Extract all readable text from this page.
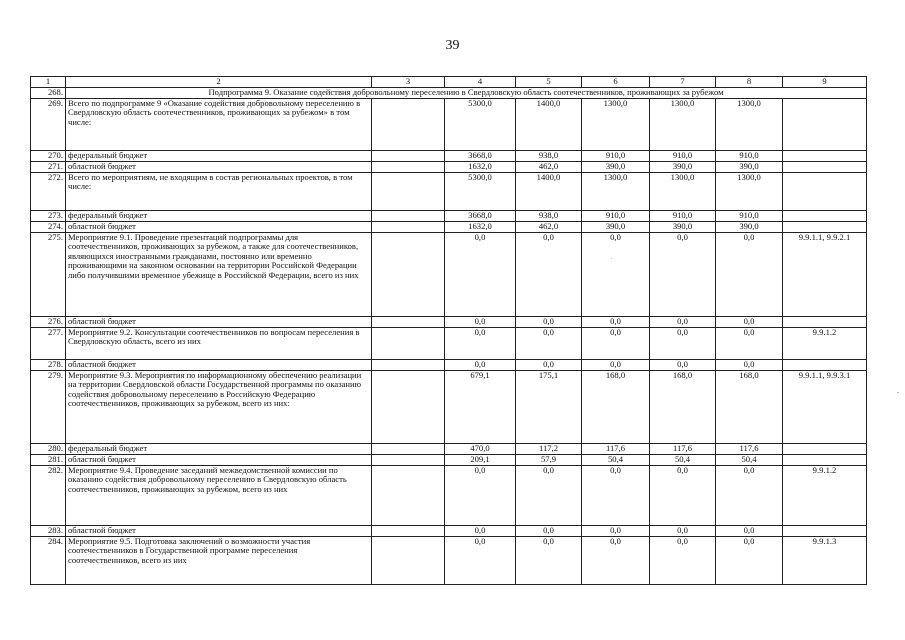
39
1	2	3	4	5	6	7	8	9
268.	Подпрограмма 9. Оказание содействия добровольному переселению в Свердловскую область соотечественников, проживающих за рубежом							
269.	Всего по подпрограмме 9 «Оказание содействия добровольному переселению в Свердловскую область соотечественников, проживающих за рубежом» в том числе:		5300,0	1400,0	1300,0	1300,0	1300,0	
270.	федеральный бюджет		3668,0	938,0	910,0	910,0	910,0	
271.	областной бюджет		1632,0	462,0	390,0	390,0	390,0	
272.	Всего по мероприятиям, не входящим в состав региональных проектов, в том числе:		5300,0	1400,0	1300,0	1300,0	1300,0	
273.	федеральный бюджет		3668,0	938,0	910,0	910,0	910,0	
274.	областной бюджет		1632,0	462,0	390,0	390,0	390,0	
275.	Мероприятие 9.1. Проведение презентаций подпрограммы для соотечественников, проживающих за рубежом, а также для соотечественников, являющихся иностранными гражданами, постоянно или временно проживающими на законном основании на территории Российской Федерации либо получившими временное убежище в Российской Федерации, всего из них		0,0	0,0	0,0	0,0	0,0	9.9.1.1, 9.9.2.1
276.	областной бюджет		0,0	0,0	0,0	0,0	0,0	
277.	Мероприятие 9.2. Консультации соотечественников по вопросам переселения в Свердловскую область, всего из них		0,0	0,0	0,0	0,0	0,0	9.9.1.2
278.	областной бюджет		0,0	0,0	0,0	0,0	0,0	
279.	Мероприятие 9.3. Мероприятия по информационному обеспечению реализации на территории Свердловской области Государственной программы по оказанию содействия добровольному переселению в Российскую Федерацию соотечественников, проживающих за рубежом, всего из них:		679,1	175,1	168,0	168,0	168,0	9.9.1.1, 9.9.3.1
280.	федеральный бюджет		470,0	117,2	117,6	117,6	117,6	
281.	областной бюджет		209,1	57,9	50,4	50,4	50,4	
282.	Мероприятие 9.4. Проведение заседаний межведомственной комиссии по оказанию содействия добровольному переселению в Свердловскую область соотечественников, проживающих за рубежом, всего из них		0,0	0,0	0,0	0,0	0,0	9.9.1.2
283.	областной бюджет		0,0	0,0	0,0	0,0	0,0	
284.	Мероприятие 9.5. Подготовка заключений о возможности участия соотечественников в Государственной программе переселения соотечественников, всего из них		0,0	0,0	0,0	0,0	0,0	9.9.1.3
